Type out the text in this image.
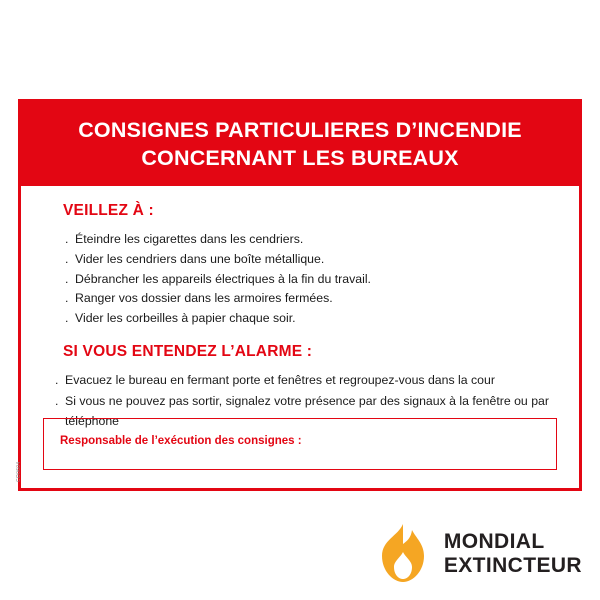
CONSIGNES PARTICULIERES D’INCENDIE
CONCERNANT LES BUREAUX
VEILLEZ À :
. Éteindre les cigarettes dans les cendriers.
. Vider les cendriers dans une boîte métallique.
. Débrancher les appareils électriques à la fin du travail.
. Ranger vos dossier dans les armoires fermées.
. Vider les corbeilles à papier chaque soir.
SI VOUS ENTENDEZ L’ALARME :
. Evacuez le bureau en fermant porte et fenêtres et regroupez-vous dans la cour
. Si vous ne pouvez pas sortir, signalez votre présence par des signaux à la fenêtre ou par téléphone
Responsable de l’exécution des consignes :
CO0604
MONDIAL
EXTINCTEUR
